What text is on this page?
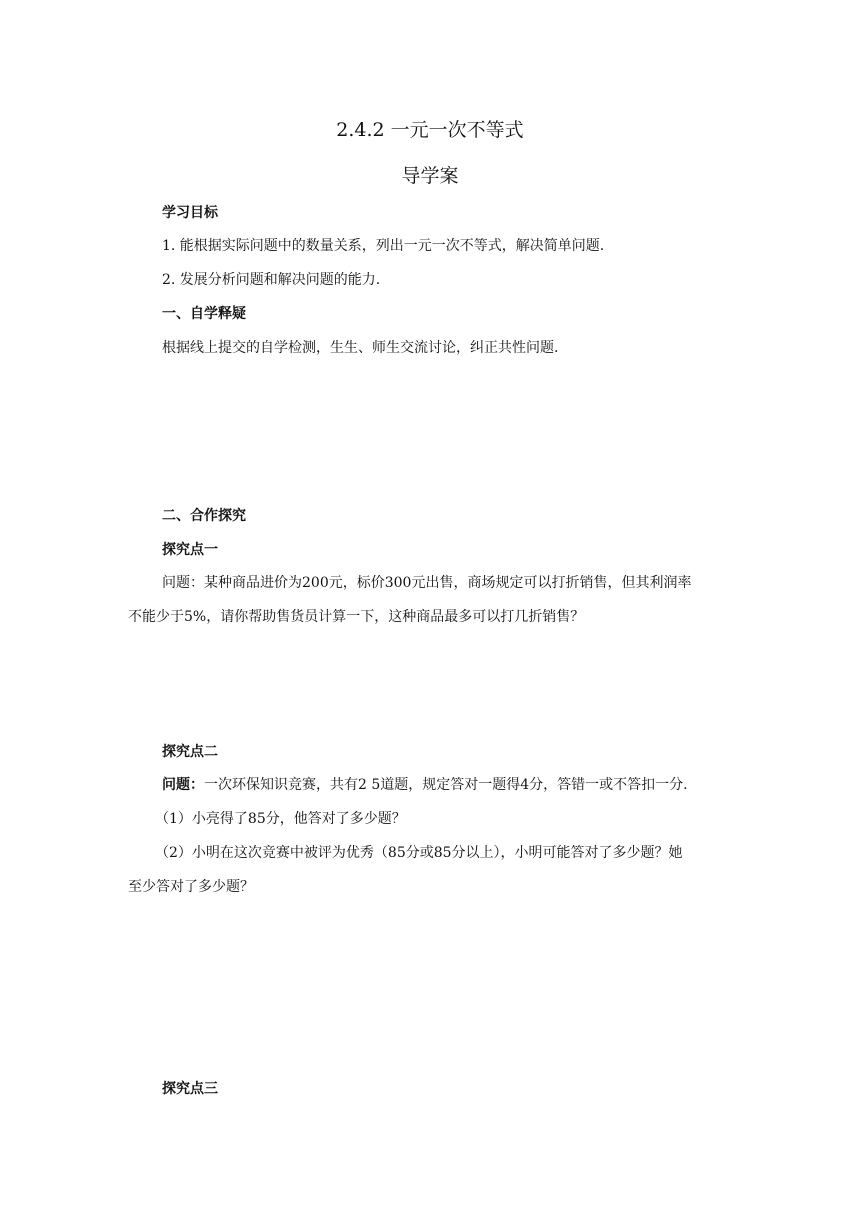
2.4.2 一元一次不等式
导学案
学习目标
1. 能根据实际问题中的数量关系，列出一元一次不等式，解决简单问题.
2. 发展分析问题和解决问题的能力.
一、自学释疑
根据线上提交的自学检测，生生、师生交流讨论，纠正共性问题.
二、合作探究
探究点一
问题：某种商品进价为200元，标价300元出售，商场规定可以打折销售，但其利润率
不能少于5%，请你帮助售货员计算一下，这种商品最多可以打几折销售？
探究点二
问题：一次环保知识竞赛，共有2 5道题，规定答对一题得4分，答错一或不答扣一分.
（1）小亮得了85分，他答对了多少题？
（2）小明在这次竞赛中被评为优秀（85分或85分以上），小明可能答对了多少题？她
至少答对了多少题？
探究点三
